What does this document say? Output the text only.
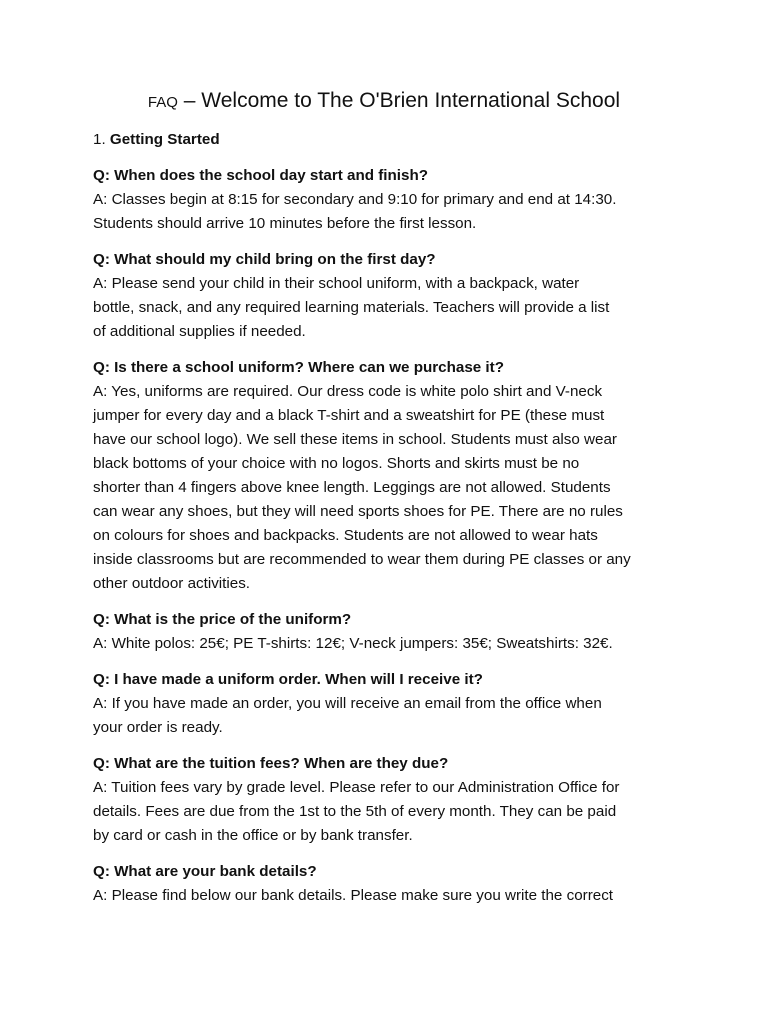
FAQ – Welcome to The O'Brien International School
1. Getting Started
Q: When does the school day start and finish?
A: Classes begin at 8:15 for secondary and 9:10 for primary and end at 14:30.
Students should arrive 10 minutes before the first lesson.
Q: What should my child bring on the first day?
A: Please send your child in their school uniform, with a backpack, water
bottle, snack, and any required learning materials. Teachers will provide a list
of additional supplies if needed.
Q: Is there a school uniform? Where can we purchase it?
A: Yes, uniforms are required. Our dress code is white polo shirt and V-neck
jumper for every day and a black T-shirt and a sweatshirt for PE (these must
have our school logo). We sell these items in school. Students must also wear
black bottoms of your choice with no logos. Shorts and skirts must be no
shorter than 4 fingers above knee length. Leggings are not allowed. Students
can wear any shoes, but they will need sports shoes for PE. There are no rules
on colours for shoes and backpacks. Students are not allowed to wear hats
inside classrooms but are recommended to wear them during PE classes or any
other outdoor activities.
Q: What is the price of the uniform?
A: White polos: 25€; PE T-shirts: 12€; V-neck jumpers: 35€; Sweatshirts: 32€.
Q: I have made a uniform order. When will I receive it?
A: If you have made an order, you will receive an email from the office when
your order is ready.
Q: What are the tuition fees? When are they due?
A: Tuition fees vary by grade level. Please refer to our Administration Office for
details. Fees are due from the 1st to the 5th of every month. They can be paid
by card or cash in the office or by bank transfer.
Q: What are your bank details?
A: Please find below our bank details. Please make sure you write the correct
